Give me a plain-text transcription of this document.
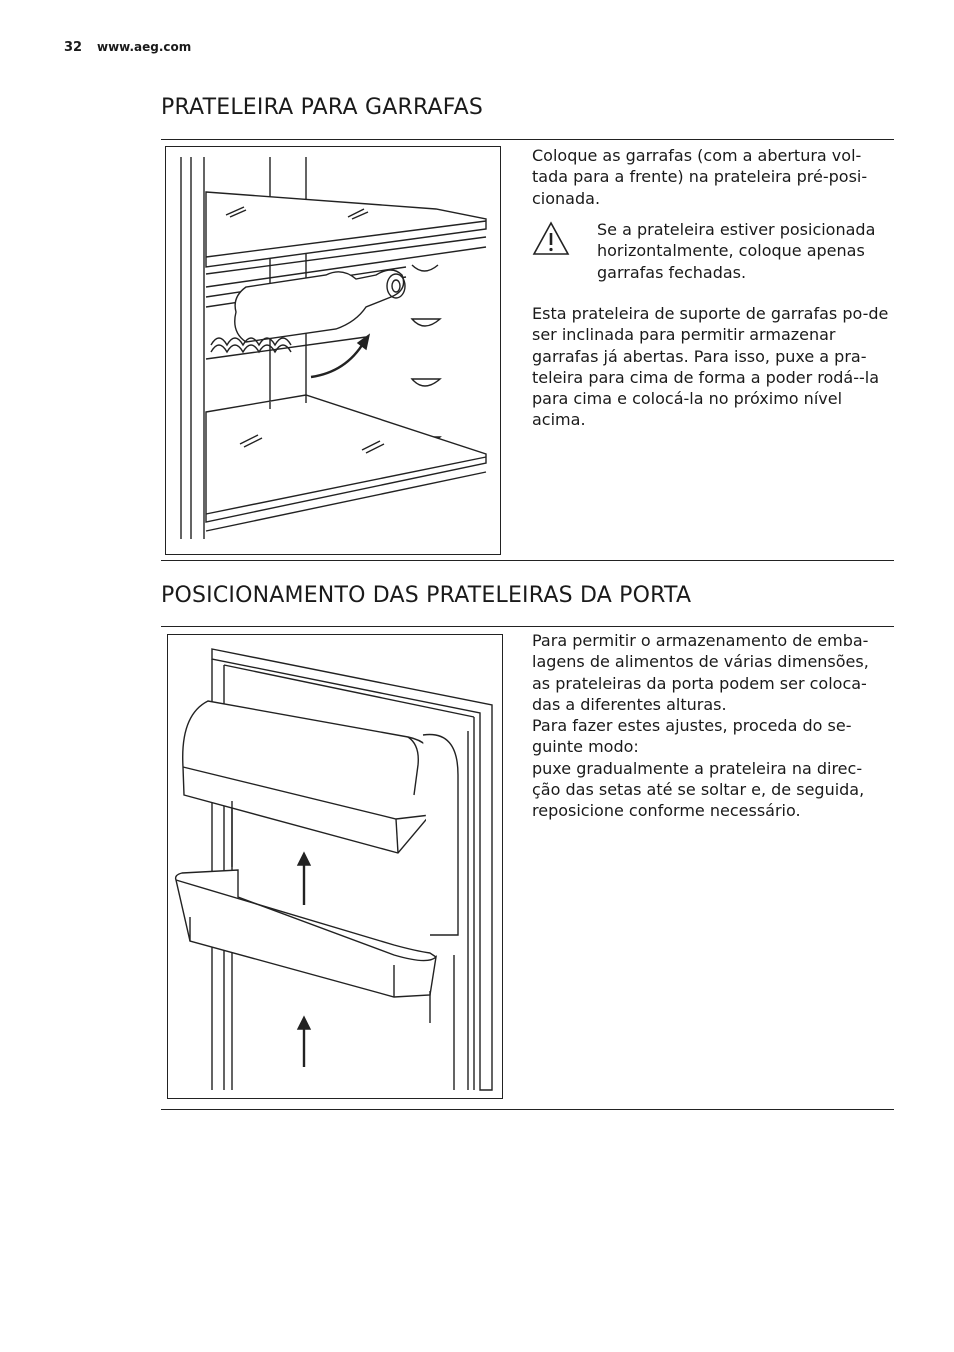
32 www.aeg.com
PRATELEIRA PARA GARRAFAS

Coloque as garrafas (com a abertura vol-tada para a frente) na prateleira pré-posi-cionada.

Se a prateleira estiver posicionada horizontalmente, coloque apenas garrafas fechadas.

Esta prateleira de suporte de garrafas po-de ser inclinada para permitir armazenar garrafas já abertas. Para isso, puxe a pra-teleira para cima de forma a poder rodá--la para cima e colocá-la no próximo nível acima.

POSICIONAMENTO DAS PRATELEIRAS DA PORTA

Para permitir o armazenamento de emba-
lagens de alimentos de várias dimensões,
as prateleiras da porta podem ser coloca-
das a diferentes alturas.
Para fazer estes ajustes, proceda do se-
guinte modo:
puxe gradualmente a prateleira na direc-
ção das setas até se soltar e, de seguida,
reposicione conforme necessário.
